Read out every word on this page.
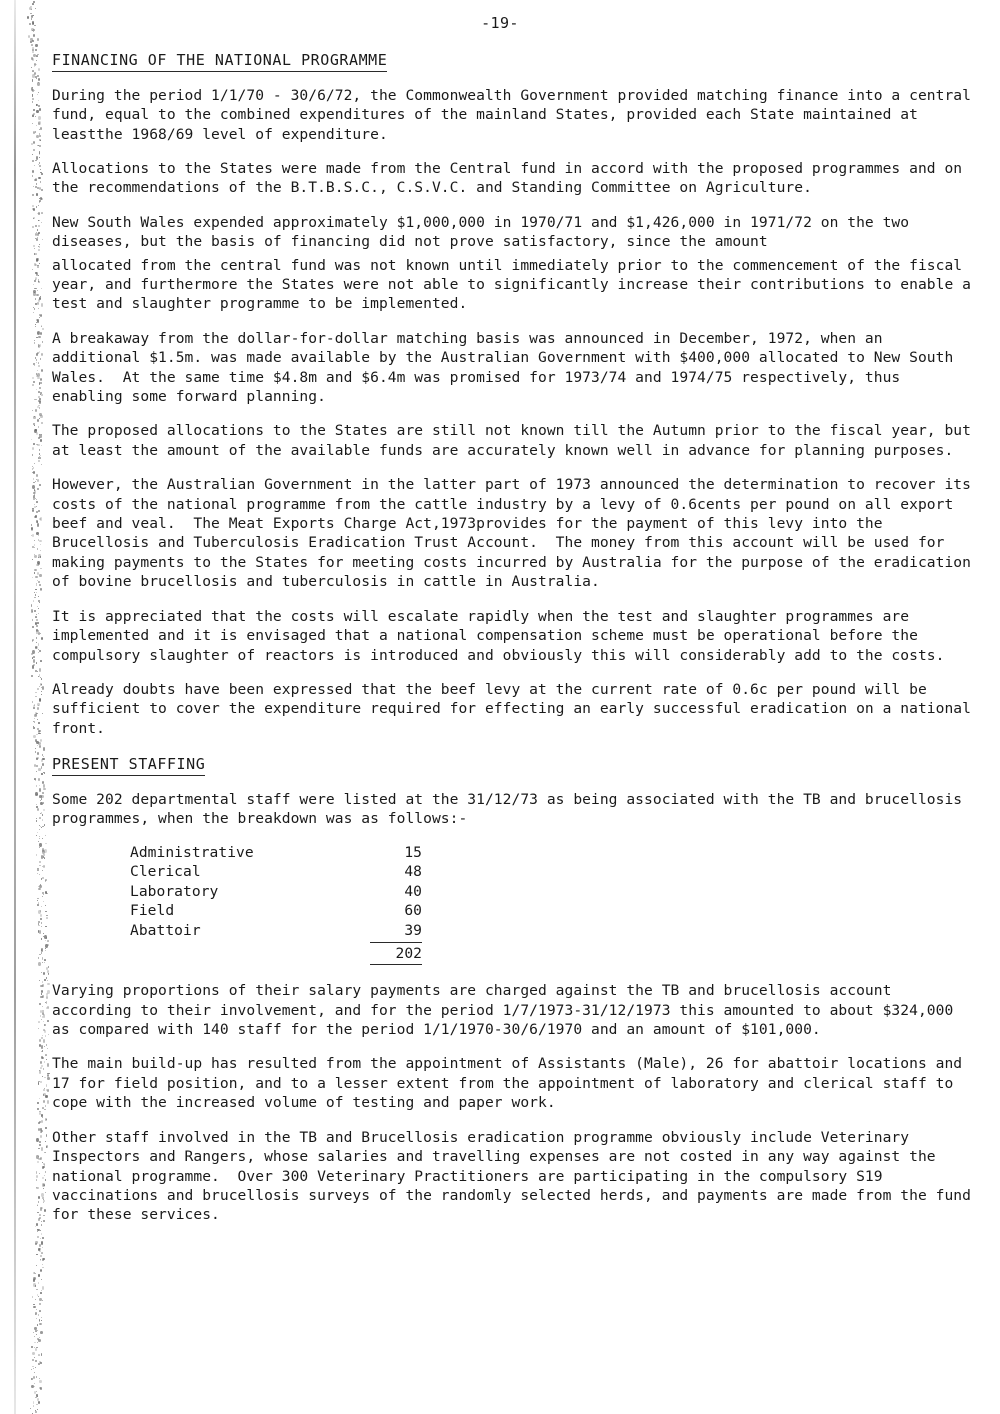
-19-
FINANCING OF THE NATIONAL PROGRAMME

During the period 1/1/70 - 30/6/72, the Commonwealth Government provided matching finance into a central fund, equal to the combined expenditures of the mainland States, provided each State maintained at leastthe 1968/69 level of expenditure.

Allocations to the States were made from the Central fund in accord with the proposed programmes and on the recommendations of the B.T.B.S.C., C.S.V.C. and Standing Committee on Agriculture.

New South Wales expended approximately $1,000,000 in 1970/71 and $1,426,000 in 1971/72 on the two diseases, but the basis of financing did not prove satisfactory, since the amount

allocated from the central fund was not known until immediately prior to the commencement of the fiscal year, and furthermore the States were not able to significantly increase their contributions to enable a test and slaughter programme to be implemented.

A breakaway from the dollar-for-dollar matching basis was announced in December, 1972, when an additional $1.5m. was made available by the Australian Government with $400,000 allocated to New South Wales.  At the same time $4.8m and $6.4m was promised for 1973/74 and 1974/75 respectively, thus enabling some forward planning.

The proposed allocations to the States are still not known till the Autumn prior to the fiscal year, but at least the amount of the available funds are accurately known well in advance for planning purposes.

However, the Australian Government in the latter part of 1973 announced the determination to recover its costs of the national programme from the cattle industry by a levy of 0.6cents per pound on all export beef and veal.  The Meat Exports Charge Act,1973provides for the payment of this levy into the Brucellosis and Tuberculosis Eradication Trust Account.  The money from this account will be used for making payments to the States for meeting costs incurred by Australia for the purpose of the eradication of bovine brucellosis and tuberculosis in cattle in Australia.

It is appreciated that the costs will escalate rapidly when the test and slaughter programmes are implemented and it is envisaged that a national compensation scheme must be operational before the compulsory slaughter of reactors is introduced and obviously this will considerably add to the costs.

Already doubts have been expressed that the beef levy at the current rate of 0.6c per pound will be sufficient to cover the expenditure required for effecting an early successful eradication on a national front.

PRESENT STAFFING

Some 202 departmental staff were listed at the 31/12/73 as being associated with the TB and brucellosis programmes, when the breakdown was as follows:-

Administrative	15
Clerical	48
Laboratory	40
Field	60
Abattoir	39
	202

Varying proportions of their salary payments are charged against the TB and brucellosis account according to their involvement, and for the period 1/7/1973-31/12/1973 this amounted to about $324,000 as compared with 140 staff for the period 1/1/1970-30/6/1970 and an amount of $101,000.

The main build-up has resulted from the appointment of Assistants (Male), 26 for abattoir locations and 17 for field position, and to a lesser extent from the appointment of laboratory and clerical staff to cope with the increased volume of testing and paper work.

Other staff involved in the TB and Brucellosis eradication programme obviously include Veterinary Inspectors and Rangers, whose salaries and travelling expenses are not costed in any way against the national programme.  Over 300 Veterinary Practitioners are participating in the compulsory S19 vaccinations and brucellosis surveys of the randomly selected herds, and payments are made from the fund for these services.
